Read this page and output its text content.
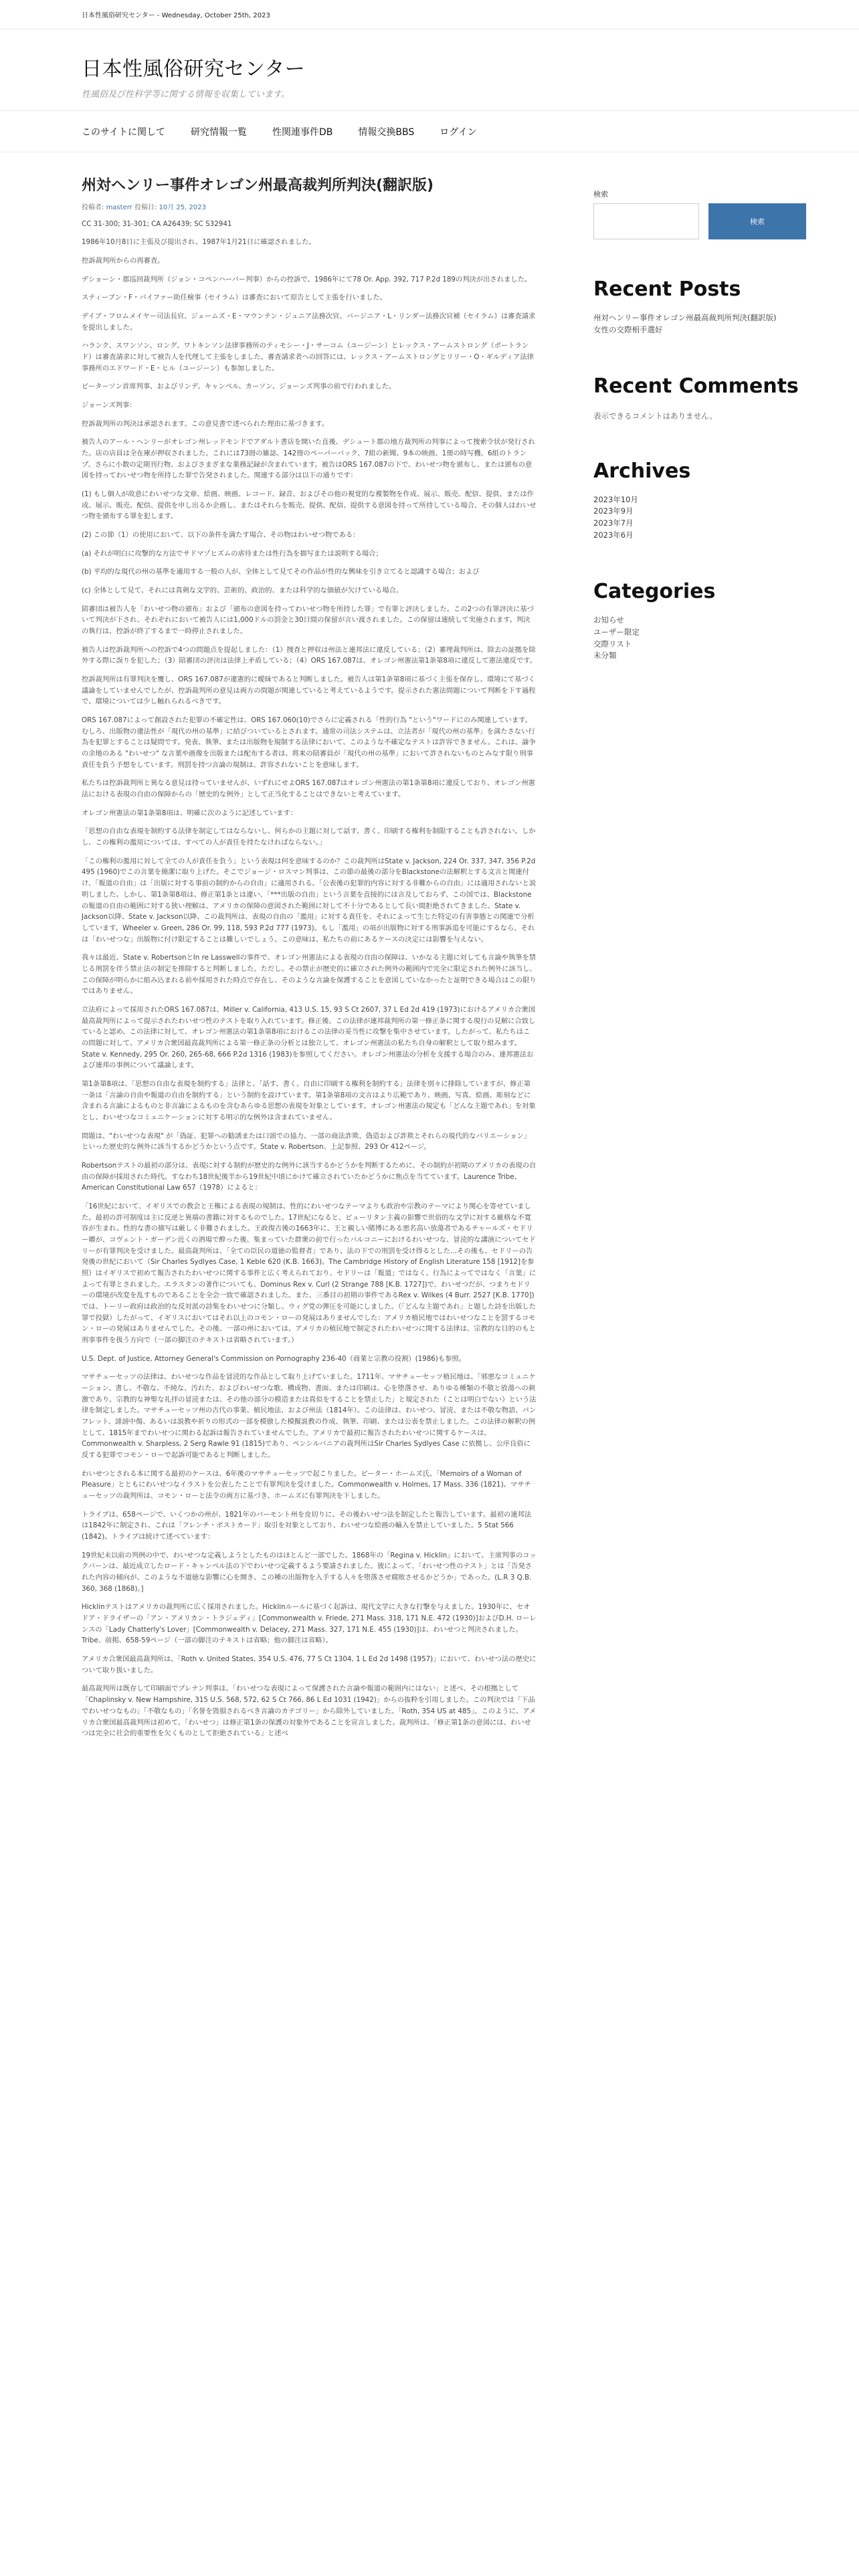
日本性風俗研究センター - Wednesday, October 25th, 2023
日本性風俗研究センター
性風俗及び性科学等に関する情報を収集しています。
このサイトに関して	研究情報一覧	性関連事件DB	情報交換BBS	ログイン
州対ヘンリー事件オレゴン州最高裁判所判決(翻訳版)
投稿者: masterr 投稿日: 10月 25, 2023

CC 31-300; 31-301; CA A26439; SC S32941

1986年10月8日に主張及び提出され、1987年1月21日に確認されました。

控訴裁判所からの再審査。

デショーン・郡巡回裁判所（ジョン・コペンハーバー判事）からの控訴で、1986年にて78 Or. App. 392, 717 P.2d 189の判決が出されました。

スティーブン・F・バイファー助任検事（セイラム）は審査において原告として主張を行いました。

デイブ・フロムメイヤー司法長官、ジェームズ・E・マウンテン・ジュニア法務次官、バージニア・L・リンダー法務次官補（セイラム）は審査請求を提出しました。

ハランク、スワンソン、ロング、ワトキンソン法律事務所のティモシー・J・サーコム（ユージーン）とレックス・アームストロング（ポートランド）は審査請求に対して被告人を代理して主張をしました。審査請求者への回答には、レックス・アームストロングとリリー・O・ギルディア法律事務所のエドワード・E・ヒル（ユージーン）も参加しました。

ピーターソン首席判事、およびリンデ、キャンベル、カーソン、ジョーンズ判事の前で行われました。

ジョーンズ判事：

控訴裁判所の判決は承認されます。この意見書で述べられた理由に基づきます。

被告人のアール・ヘンリーがオレゴン州レッドモンドでアダルト書店を開いた直後、デシュート郡の地方裁判所の判事によって捜索令状が発行された。店の店員は全在庫が押収されました。これには73冊の雑誌、142冊のペーパーバック、7組の新聞、9本の映画、1冊の時写機、6組のトランプ、さらに小数の定期刊行物、およびさまざまな業務記録が含まれています。被告はORS 167.087の下で、わいせつ物を頒布し、または頒布の意図を持ってわいせつ物を所持した罪で告発されました。関連する部分は以下の通りです：

(1) もし個人が故意にわいせつな文章、絵画、映画、レコード、録音、およびその他の視覚的な複製物を作成、展示、販売、配信、提供、または作成、展示、販売、配信、提供を申し出るか企画し、またはそれらを販売、提供、配信、提供する意図を持って所持している場合、その個人はわいせつ物を頒布する罪を犯します。

(2) この節（1）の使用において、以下の条件を満たす場合、その物はわいせつ物である：

(a) それが明白に攻撃的な方法でサドマゾヒズムの虐待または性行為を描写または説明する場合；

(b) 平均的な現代の州の基準を適用する一般の人が、全体として見てその作品が性的な興味を引き立てると認識する場合；および

(c) 全体として見て、それには真剣な文学的、芸術的、政治的、または科学的な価値が欠けている場合。

陪審団は被告人を「わいせつ物の頒布」および「頒布の意図を持ってわいせつ物を所持した罪」で有罪と評決しました。この2つの有罪評決に基づいて判決が下され、それぞれにおいて被告人には1,000ドルの罰金と30日間の保留が言い渡されました。この保留は連続して実施されます。判決の執行は、控訴が終了するまで一時停止されました。

被告人は控訴裁判所への控訴で4つの問題点を提起しました：（1）捜査と押収は州法と連邦法に違反している；（2）審理裁判所は、除去の証拠を除外する際に誤りを犯した；（3）陪審団の評決は法律上矛盾している；（4）ORS 167.087は、オレゴン州憲法第1条第8項に違反して憲法違反です。

控訴裁判所は有罪判決を覆し、ORS 167.087が違憲的に曖昧であると判断しました。被告人は第1条第8項に基づく主張を保存し、環境にて基づく議論をしていませんでしたが、控訴裁判所の意見は両方の問題が関連していると考えているようです。提示された憲法問題について判断を下す過程で、環境については少し触れられるべきです。

ORS 167.087によって創設された犯罪の不確定性は、ORS 167.060(10)でさらに定義される「性的行為 "という"ワードにのみ関連しています。むしろ、出版物の違法性が「現代の州の基準」に結びついているとされます。通常の司法システムは、立法者が「現代の州の基準」を満たさない行為を犯罪とすることは疑問です。発表、執筆、または出版物を規制する法律において、このような不確定なテストは許容できません。これは、論争の余地のある "わいせつ" な言葉や画像を出版または配布する者は、将来の陪審員が「現代の州の基準」において許されないものとみなす限り刑事責任を負う予想をしています。刑罰を持つ言論の規制は、許容されないことを意味します。

私たちは控訴裁判所と異なる意見は持っていませんが、いずれにせよORS 167.087はオレゴン州憲法の第1条第8項に違反しており、オレゴン州憲法における表現の自由の保障からの「歴史的な例外」として正当化することはできないと考えています。

オレゴン州憲法の第1条第8項は、明確に次のように記述しています：

「思想の自由な表現を制約する法律を制定してはならないし、何らかの主題に対して話す、書く、印刷する権利を制限することも許されない。しかし、この権利の濫用については、すべての人が責任を持たなければならない。」

「この権利の濫用に対して全ての人が責任を負う」という表現は何を意味するのか？この裁判所はState v. Jackson, 224 Or. 337, 347, 356 P.2d 495 (1960)でこの言葉を簡潔に取り上げた。そこでジョージ・ロスマン判事は、この節の最後の部分をBlackstoneの法解釈とする文言と関連付け、「報道の自由」は「出版に対する事前の制約からの自由」に適用される。「公表後の犯罪的内容に対する非難からの自由」には適用されないと説明しました。しかし、第1条第8項は、修正第1条とは違い、「***出版の自由」という言葉を直接的には言及しておらず、この国では、Blackstoneの報道の自由の範囲に対する狭い理解は、アメリカの保障の意図された範囲に対して不十分であるとして長い間拒絶されてきました。State v. Jackson以降、State v. Jackson以降、この裁判所は、表現の自由の「濫用」に対する責任を、それによって生じた特定の有害事態との関連で分析しています。Wheeler v. Green, 286 Or. 99, 118, 593 P.2d 777 (1973)。もし「濫用」の項が出版物に対する刑事訴追を可能にするなら、それは「わいせつな」出版物に付け限定することは難しいでしょう。この意味は、私たちの前にあるケースの決定には影響を与えない。

我々は最近、State v. RobertsonとIn re Lasswellの事件で、オレゴン州憲法による表現の自由の保障は、いかなる主題に対しても言論や執筆を禁じる刑罰を伴う禁止法の制定を排除すると判断しました。ただし、その禁止が歴史的に確立された例外の範囲内で完全に限定された例外に該当し、この保障が明らかに組み込まれる前や採用された時点で存在し、そのような言論を保護することを意図していなかったと証明できる場合はこの限りではありません。

立法府によって採用されたORS 167.087は、Miller v. California, 413 U.S. 15, 93 S Ct 2607, 37 L Ed 2d 419 (1973)におけるアメリカ合衆国最高裁判所によって提示されたわいせつ性のテストを取り入れています。修正後、この法律が連邦裁判所の第一修正条に関する現行の見解に合致していると認め、この法律に対して、オレゴン州憲法の第1条第8項におけるこの法律の妥当性に攻撃を集中させています。したがって、私たちはこの問題に対して、アメリカ合衆国最高裁判所による第一修正条の分析とは独立して、オレゴン州憲法の私たち自身の解釈として取り組みます。State v. Kennedy, 295 Or. 260, 265-68, 666 P.2d 1316 (1983)を参照してください。オレゴン州憲法の分析を支援する場合のみ、連邦憲法および連邦の事例について議論します。

第1条第8項は、「思想の自由な表現を制約する」法律と、「話す、書く、自由に印刷する権利を制約する」法律を別々に排除していますが、修正第一条は「言論の自由や報道の自由を制約する」という制約を設けています。第1条第8項の文言はより広範であり、映画、写真、絵画、彫刻などに含まれる言論によるものと非言論によるものを含むあらゆる思想の表現を対象としています。オレゴン州憲法の規定も「どんな主題であれ」を対象とし、わいせつなコミュニケーションに対する明示的な例外は含まれていません。

問題は、"わいせつな表現" が「偽証、犯罪への勧誘または口頭での協力、一部の商法詐欺、偽造および詐欺とそれらの現代的なバリエーション」といった歴史的な例外に該当するかどうかという点です。State v. Robertson、上記参照、293 Or 412ページ。

Robertsonテストの最初の部分は、表現に対する制約が歴史的な例外に該当するかどうかを判断するために、その制約が初期のアメリカの表現の自由の保障が採用された時代。すなわち18世紀後半から19世紀中頃にかけて確立されていたかどうかに焦点を当てています。Laurence Tribe、American Constitutional Law 657（1978）によると：

「16世紀において、イギリスでの教会と王権による表現の規制は、性的にわいせつなテーマよりも政治や宗教のテーマにより関心を寄せていました。最初の許可制度は主に反逆と異端の書籍に対するものでした。17世紀になると、ピューリタン主義の影響で世俗的な文学に対する厳格な不寛容が生まれ、性的な書の描写は厳しく非難されました。王政復古後の1663年に、王と親しい賭博にある悪名高い放蕩者であるチャールズ・セドリー卿が、コヴェント・ガーデン近くの酒場で酔った後、集まっていた群衆の前で行ったバルコニーにおけるわいせつな、冒涜的な講演についてセドリーが有罪判決を受けました。最高裁判所は、「全ての臣民の道徳の監督者」であり、法の下での刑罰を受け得るとした…その後も、セドリーの告発後の世紀において（Sir Charles Sydlyes Case, 1 Keble 620 (K.B. 1663)。The Cambridge History of English Literature 158 [1912]を参照）はイギリスで初めて報告されたわいせつに関する事件と広く考えられており、セドリーは「報道」ではなく、行為によってではなく「言葉」によって有罪とされました。エラスタンの著作についても、Dominus Rex v. Curl (2 Strange 788 [K.B. 1727])で、わいせつだが、つまりセドリーの環境が改変を乱すものであることを全会一致で確認されました。また、三番目の初期の事件であるRex v. Wilkes (4 Burr. 2527 [K.B. 1770])では、トーリー政府は政治的な反対派の詩集をわいせつに分類し、ウィグ党の弾圧を可能にしました。（「どんな主題であれ」と題した詩を出版した罪で投獄）したがって、イギリスにおいてはそれ以上のコモン・ローの発展はありませんでした：アメリカ植民地ではわいせつなことを罰するコモン・ローの発展はありませんでした。その後、一部の州においては、アメリカの植民地で制定されたわいせつに関する法律は、宗教的な目的のもと刑事事件を扱う方向で（一部の脚注のテキストは省略されています。）

U.S. Dept. of Justice, Attorney General's Commission on Pornography 236-40（商業と宗教の役割）(1986)も参照。

マサチューセッツの法律は、わいせつな作品を冒涜的な作品として取り上げていました。1711年、マサチューセッツ植民地は、「邪悪なコミュニケーション、書し、不敬な、不純な、汚れた、およびわいせつな歌、構成物、書面、または印刷は、心を堕落させ、ありゆる種類の不敬と放蕩への刺激であり、宗教的な神聖な礼拝の冒涜または、その他の部分の模造または真似をすることを禁止した」と規定された（ことは明白でない）という法律を制定しました。マサチューセッツ州の古代の事業、植民地法、および州法（1814年）。この法律は、わいせつ、冒涜、または不敬な物語、パンフレット、誹謗中傷、あるいは説教や祈りの形式の一部を模倣した模擬説教の作成、執筆、印刷、または公表を禁止しました。この法律の解釈の例として、1815年までわいせつに関わる起訴は報告されていませんでした。アメリカで最初に報告されたわいせつに関するケースは、Commonwealth v. Sharpless, 2 Serg Rawle 91 (1815)であり、ペンシルバニアの裁判所はSir Charles Sydlyes Case に依拠し、公序良俗に反する犯罪でコモン・ローで起訴可能であると判断しました。

わいせつとされる本に関する最初のケースは、6年後のマサチューセッツで起こりました。ピーター・ホームズ氏、「Memoirs of a Woman of Pleasure」とともにわいせつなイラストを公表したことで有罪判決を受けました。Commonwealth v. Holmes, 17 Mass. 336 (1821)。マサチューセッツの裁判所は、コモン・ローと法令の両方に基づき、ホームズに有罪判決を下しました。

トライブは、658ページで、いくつかの州が、1821年のバーモント州を皮切りに、その後わいせつ法を制定したと報告しています。最初の連邦法は1842年に制定され、これは「フレンチ・ポストカード」取引を対象としており、わいせつな絵画の輸入を禁止していました。5 Stat 566 (1842)。トライブは続けて述べています：

19世紀末以前の判例の中で、わいせつな定義しようとしたものはほとんど一部でした。1868年の「Regina v. Hicklin」において、主席判事のコックバーンは、最近成立したロード・キャンベル法の下でわいせつ定義するよう要請されました。彼によって、「わいせつ性のテスト」とは「告発された内容の傾向が、このような不道徳な影響に心を開き、この種の出版物を入手する人々を堕落させ腐敗させるかどうか」であった。(L.R 3 Q.B. 360, 368 (1868)。]

Hicklinテストはアメリカの裁判所に広く採用されました。Hicklinルールに基づく起訴は、現代文学に大きな打撃を与えました。1930年に、セオドア・ドライザーの「アン・アメリカン・トラジェディ」[Commonwealth v. Friede, 271 Mass. 318, 171 N.E. 472 (1930)]およびD.H. ローレンスの「Lady Chatterly's Lover」[Commonwealth v. Delacey, 271 Mass. 327, 171 N.E. 455 (1930)]は、わいせつと判決されました。Tribe、前掲、658-59ページ（一部の脚注のテキストは省略；他の脚注は省略）。

アメリカ合衆国最高裁判所は、「Roth v. United States, 354 U.S. 476, 77 S Ct 1304, 1 L Ed 2d 1498 (1957)」において、わいせつ法の歴史について取り扱いました。

最高裁判所は既存して印刷面でプレナン判事は、「わいせつな表現によって保護された言論や報道の範囲内にはない」と述べ、その根拠として「Chaplinsky v. New Hampshire, 315 U.S. 568, 572, 62 S Ct 766, 86 L Ed 1031 (1942)」からの抜粋を引用しました。この判決では「下品でわいせつなもの」「不敬なもの」「名誉を毀損されるべき言論のカテゴリー」から除外していました。「Roth, 354 US at 485」。このように、アメリカ合衆国最高裁判所は初めて、「わいせつ」は修正第1条の保護の対象外であることを宣言しました。裁判所は、「修正第1条の意図には、わいせつは完全に社会的重要性を欠くものとして拒絶されている」と述べ

検索
検索
Recent Posts
州対ヘンリー事件オレゴン州最高裁判所判決(翻訳版)
女性の交際相手選好
Recent Comments
表示できるコメントはありません。
Archives
2023年10月
2023年9月
2023年7月
2023年6月
Categories
お知らせ
ユーザー限定
交際リスト
未分類
